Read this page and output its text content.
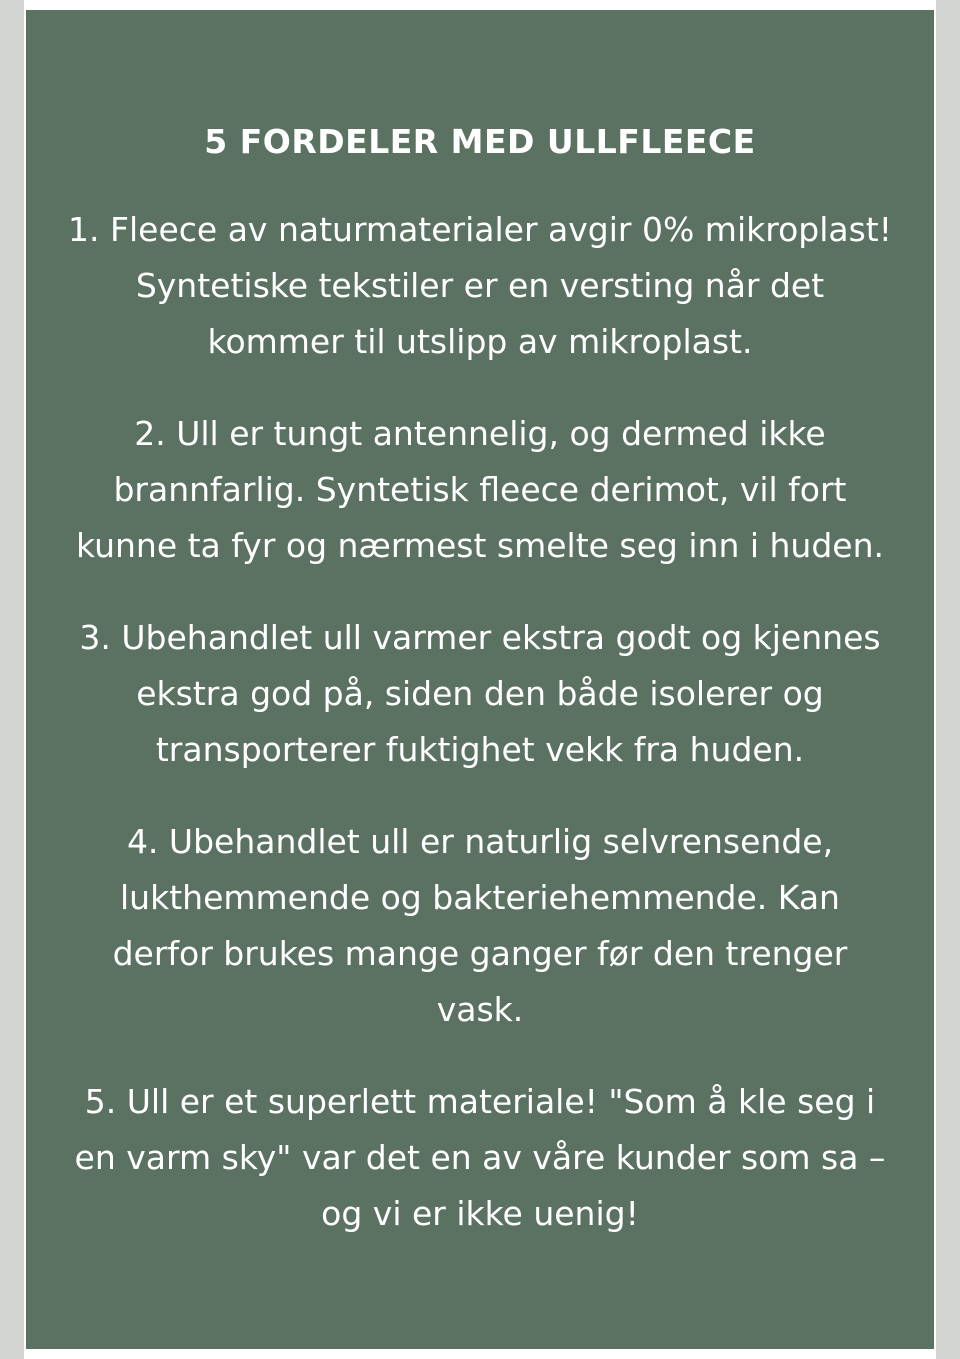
5 FORDELER MED ULLFLEECE

1. Fleece av naturmaterialer avgir 0% mikroplast! Syntetiske tekstiler er en versting når det kommer til utslipp av mikroplast.

2. Ull er tungt antennelig, og dermed ikke brannfarlig. Syntetisk fleece derimot, vil fort kunne ta fyr og nærmest smelte seg inn i huden.

3. Ubehandlet ull varmer ekstra godt og kjennes ekstra god på, siden den både isolerer og transporterer fuktighet vekk fra huden.

4. Ubehandlet ull er naturlig selvrensende, lukthemmende og bakteriehemmende. Kan derfor brukes mange ganger før den trenger vask.

5. Ull er et superlett materiale! "Som å kle seg i en varm sky" var det en av våre kunder som sa – og vi er ikke uenig!
